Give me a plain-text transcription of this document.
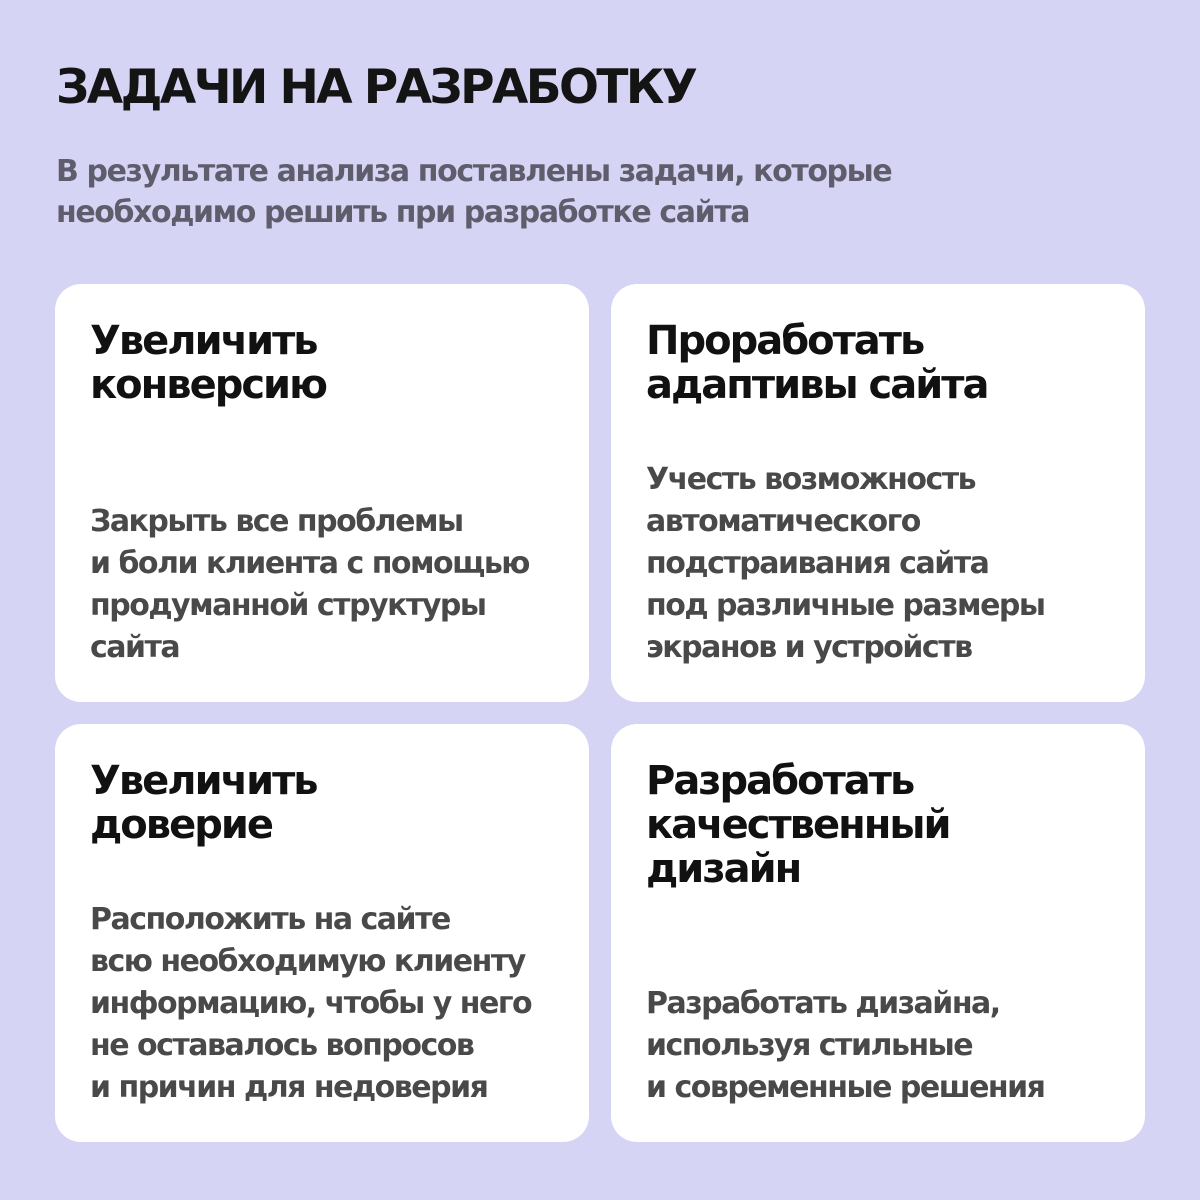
ЗАДАЧИ НА РАЗРАБОТКУ

В результате анализа поставлены задачи, которые
необходимо решить при разработке сайта

Увеличить
конверсию

Закрыть все проблемы
и боли клиента с помощью
продуманной структуры
сайта

Проработать
адаптивы сайта

Учесть возможность
автоматического
подстраивания сайта
под различные размеры
экранов и устройств

Увеличить
доверие

Расположить на сайте
всю необходимую клиенту
информацию, чтобы у него
не оставалось вопросов
и причин для недоверия

Разработать
качественный
дизайн

Разработать дизайна,
используя стильные
и современные решения
